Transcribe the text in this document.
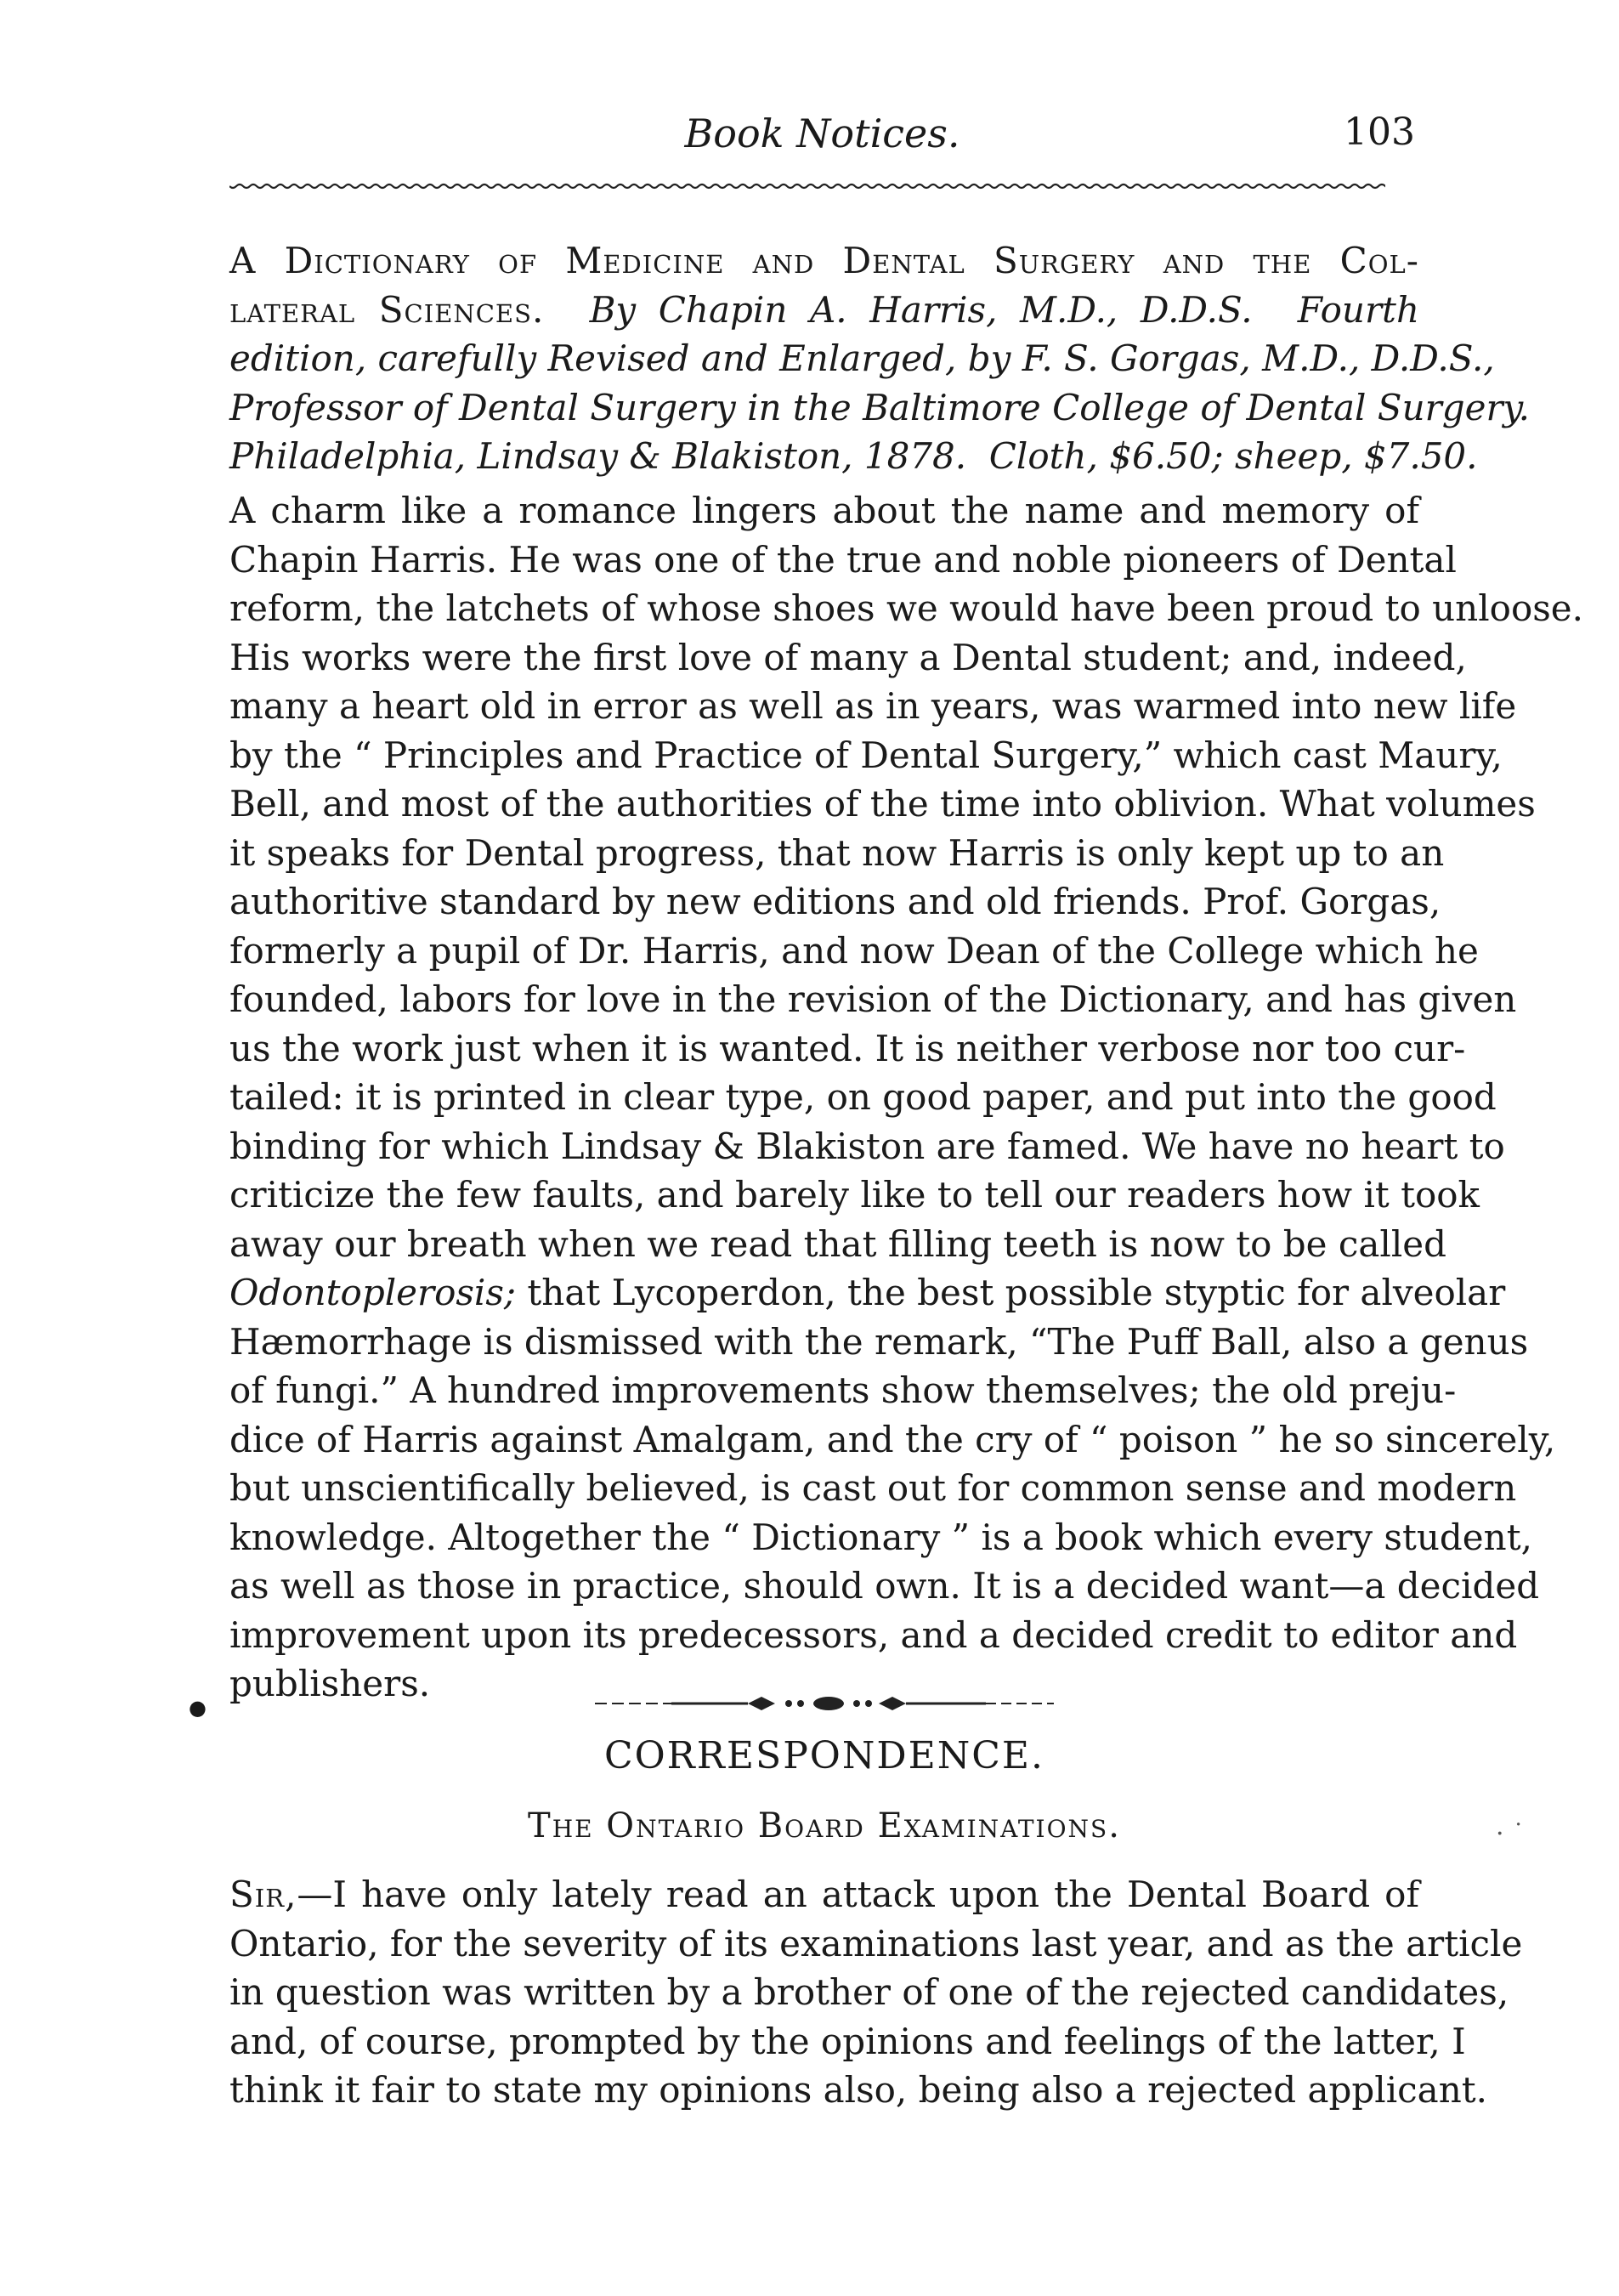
Book Notices.	103
A Dictionary of Medicine and Dental Surgery and the Col-
lateral Sciences. By Chapin A. Harris, M.D., D.D.S.  Fourth
edition, carefully Revised and Enlarged, by F. S. Gorgas, M.D., D.D.S.,
Professor of Dental Surgery in the Baltimore College of Dental Surgery.
Philadelphia, Lindsay & Blakiston, 1878.  Cloth, $6.50; sheep, $7.50.
A charm like a romance lingers about the name and memory of
Chapin Harris. He was one of the true and noble pioneers of Dental
reform, the latchets of whose shoes we would have been proud to unloose.
His works were the first love of many a Dental student; and, indeed,
many a heart old in error as well as in years, was warmed into new life
by the “ Principles and Practice of Dental Surgery,” which cast Maury,
Bell, and most of the authorities of the time into oblivion. What volumes
it speaks for Dental progress, that now Harris is only kept up to an
authoritive standard by new editions and old friends. Prof. Gorgas,
formerly a pupil of Dr. Harris, and now Dean of the College which he
founded, labors for love in the revision of the Dictionary, and has given
us the work just when it is wanted. It is neither verbose nor too cur-
tailed: it is printed in clear type, on good paper, and put into the good
binding for which Lindsay & Blakiston are famed. We have no heart to
criticize the few faults, and barely like to tell our readers how it took
away our breath when we read that filling teeth is now to be called
Odontoplerosis; that Lycoperdon, the best possible styptic for alveolar
Hæmorrhage is dismissed with the remark, “The Puff Ball, also a genus
of fungi.” A hundred improvements show themselves; the old preju-
dice of Harris against Amalgam, and the cry of “ poison ” he so sincerely,
but unscientifically believed, is cast out for common sense and modern
knowledge. Altogether the “ Dictionary ” is a book which every student,
as well as those in practice, should own. It is a decided want—a decided
improvement upon its predecessors, and a decided credit to editor and
publishers.
●
CORRESPONDENCE.
The Ontario Board Examinations.	· ˙
Sir,—I have only lately read an attack upon the Dental Board of
Ontario, for the severity of its examinations last year, and as the article
in question was written by a brother of one of the rejected candidates,
and, of course, prompted by the opinions and feelings of the latter, I
think it fair to state my opinions also, being also a rejected applicant.
